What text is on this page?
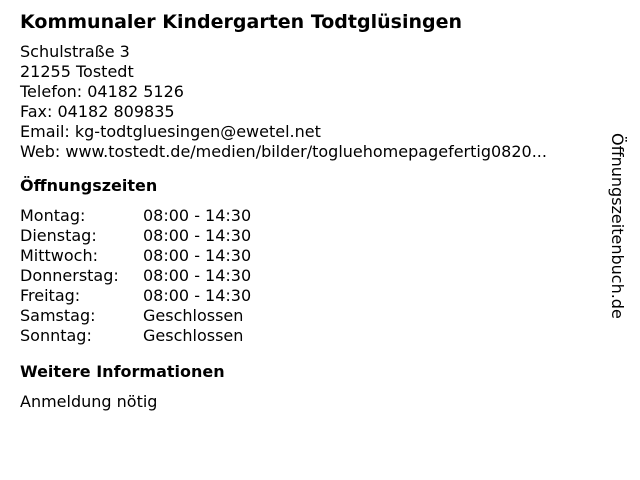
Kommunaler Kindergarten Todtglüsingen
Schulstraße 3
21255 Tostedt
Telefon: 04182 5126
Fax: 04182 809835
Email: kg-todtgluesingen@ewetel.net
Web: www.tostedt.de/medien/bilder/togluehomepagefertig0820...
Öffnungszeiten
Montag:	08:00 - 14:30
Dienstag:	08:00 - 14:30
Mittwoch:	08:00 - 14:30
Donnerstag:	08:00 - 14:30
Freitag:	08:00 - 14:30
Samstag:	Geschlossen
Sonntag:	Geschlossen
Weitere Informationen
Anmeldung nötig
Öffnungszeitenbuch.de
